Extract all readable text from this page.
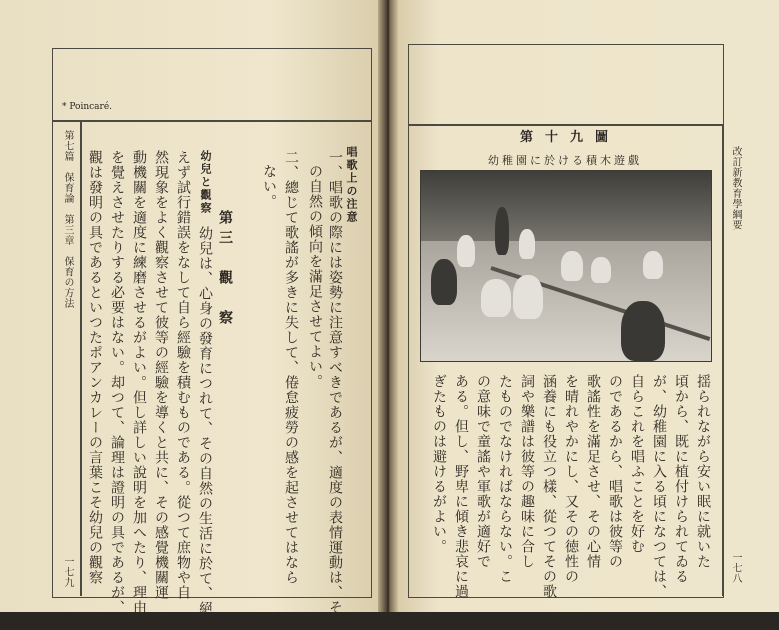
* Poincaré.
第七篇　保育論　第三章　保育の方法
一七九
唱歌上の注意
一、唱歌の際には姿勢に注意すべきであるが、適度の表情運動は、そ
の自然の傾向を滿足させてよい。
二、總じて歌謠が多きに失して、倦怠疲勞の感を起させてはなら
ない。
第三　觀　察
幼兒と觀察
幼兒は、心身の發育につれて、その自然の生活に於て、絕
えず試行錯誤をなして自ら經驗を積むものである。從つて庶物や自
然現象をよく觀察させて彼等の經驗を導くと共に、その感覺機關運
動機關を適度に練磨させるがよい。但し詳しい說明を加へたり、理由
を覺えさせたりする必要はない。却つて、論理は證明の具であるが、直
觀は發明の具であるといつたポアンカレーの言葉こそ幼兒の觀察	改訂新教育學綱要
一七八
第十九圖
幼稚園に於ける積木遊戲
揺られながら安い眠に就いた
頃から、既に植付けられてゐる
が、幼稚園に入る頃になつては、
自らこれを唱ふことを好む
のであるから、唱歌は彼等の
歌謠性を滿足させ、その心情
を晴れやかにし、又その徳性の
涵養にも役立つ樣、從つてその歌
詞や樂譜は彼等の趣味に合し
たものでなければならない。こ
の意味で童謠や軍歌が適好で
ある。但し、野卑に傾き悲哀に過
ぎたものは避けるがよい。
